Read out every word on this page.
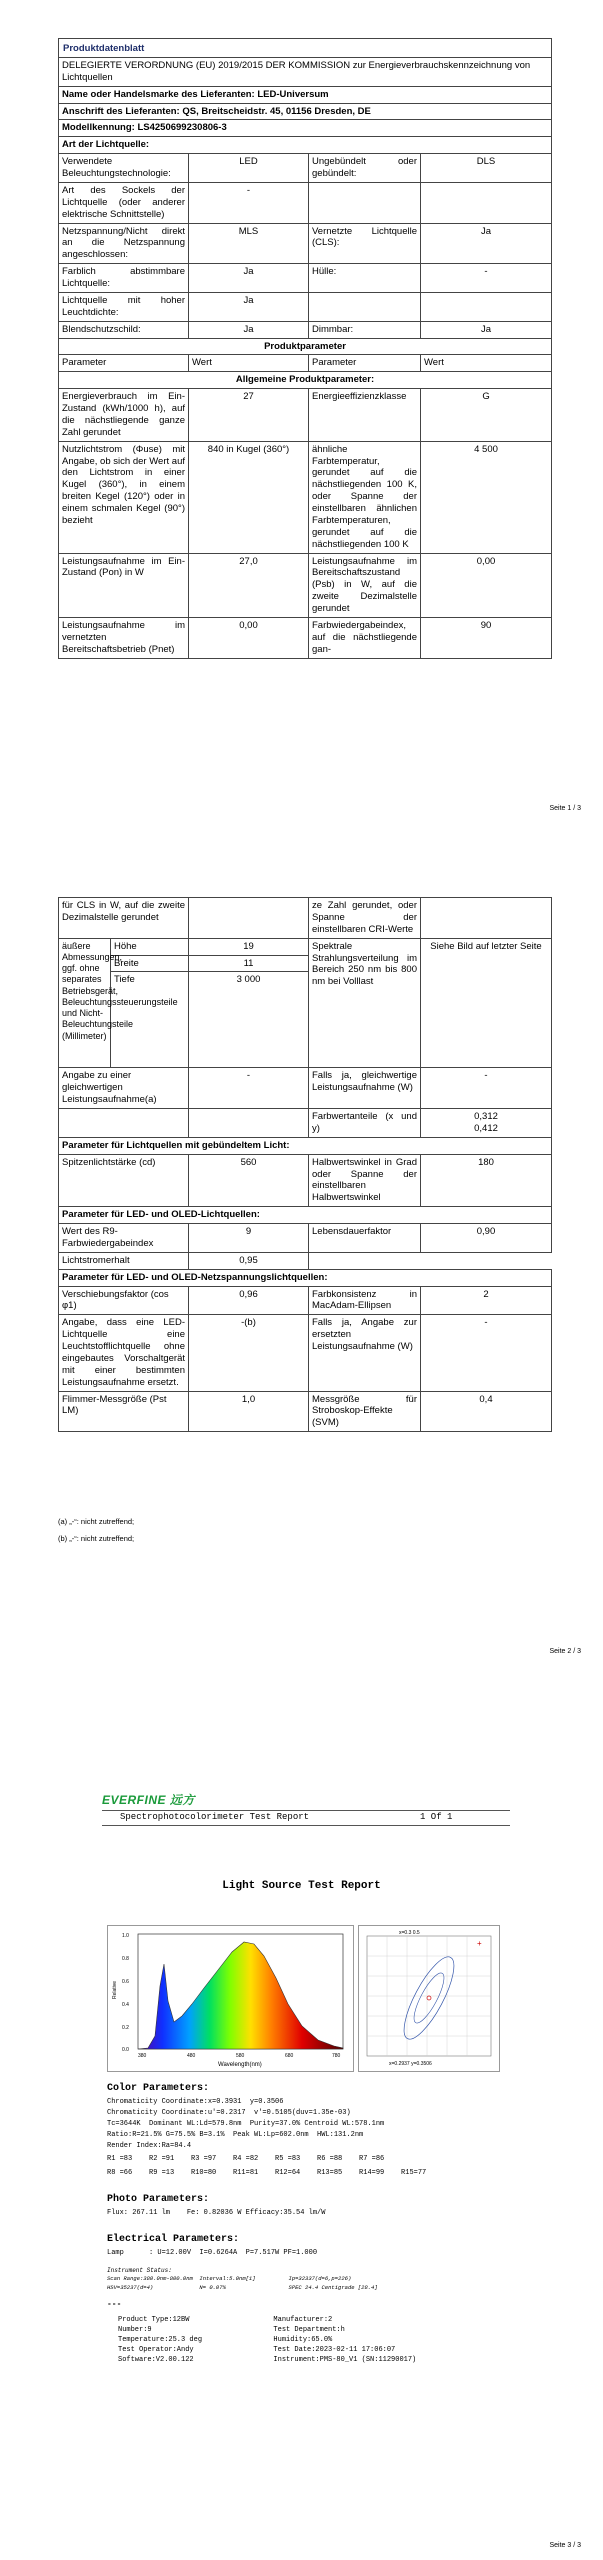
Produktdatenblatt			
DELEGIERTE VERORDNUNG (EU) 2019/2015 DER KOMMISSION zur Energieverbrauchskennzeichnung von Lichtquellen			
Name oder Handelsmarke des Lieferanten: LED-Universum			
Anschrift des Lieferanten: QS, Breitscheidstr. 45, 01156 Dresden, DE			
Modellkennung: LS4250699230806-3			
Art der Lichtquelle:			
Verwendete Beleuchtungstechnologie:	LED	Ungebündelt oder gebündelt:	DLS
Art des Sockels der Lichtquelle (oder anderer elektrische Schnittstelle)	-		
Netzspannung/Nicht direkt an die Netzspannung angeschlossen:	MLS	Vernetzte Lichtquelle (CLS):	Ja
Farblich abstimmbare Lichtquelle:	Ja	Hülle:	-
Lichtquelle mit hoher Leuchtdichte:	Ja		
Blendschutzschild:	Ja	Dimmbar:	Ja
Produktparameter			
Parameter	Wert	Parameter	Wert
Allgemeine Produktparameter:			
Energieverbrauch im Ein-Zustand (kWh/1000 h), auf die nächstliegende ganze Zahl gerundet	27	Energieeffizienzklasse	G
Nutzlichtstrom (Φuse) mit Angabe, ob sich der Wert auf den Lichtstrom in einer Kugel (360°), in einem breiten Kegel (120°) oder in einem schmalen Kegel (90°) bezieht	840 in Kugel (360°)	ähnliche Farbtemperatur, gerundet auf die nächstliegenden 100 K, oder Spanne der einstellbaren ähnlichen Farbtemperaturen, gerundet auf die nächstliegenden 100 K	4 500
Leistungsaufnahme im Ein-Zustand (Pon) in W	27,0	Leistungsaufnahme im Bereitschaftszustand (Psb) in W, auf die zweite Dezimalstelle gerundet	0,00
Leistungsaufnahme im vernetzten Bereitschaftsbetrieb (Pnet)	0,00	Farbwiedergabeindex, auf die nächstliegende gan-	90
Seite 1 / 3
für CLS in W, auf die zweite Dezimalstelle gerundet			ze Zahl gerundet, oder Spanne der einstellbaren CRI-Werte	
äußere Abmessungen, ggf. ohne separates Betriebsgerät, Beleuchtungssteuerungsteile und Nicht-Beleuchtungsteile (Millimeter)	Höhe	19	Spektrale Strahlungsverteilung im Bereich 250 nm bis 800 nm bei Volllast	Siehe Bild auf letzter Seite
	Breite	11		
	Tiefe	3 000		
Angabe zu einer gleichwertigen Leistungsaufnahme(a)		-	Falls ja, gleichwertige Leistungsaufnahme (W)	-
			Farbwertanteile (x und y)	0,312
0,412

Parameter für Lichtquellen mit gebündeltem Licht:				
Spitzenlichtstärke (cd)		560	Halbwertswinkel in Grad oder Spanne der einstellbaren Halbwertswinkel	180
Parameter für LED- und OLED-Lichtquellen:				
Wert des R9-Farbwiedergabeindex		9	Lebensdauerfaktor	0,90
Lichtstromerhalt		0,95		
Parameter für LED- und OLED-Netzspannungslichtquellen:				
Verschiebungsfaktor (cos φ1)		0,96	Farbkonsistenz in MacAdam-Ellipsen	2
Angabe, dass eine LED-Lichtquelle eine Leuchtstofflichtquelle ohne eingebautes Vorschaltgerät mit einer bestimmten Leistungsaufnahme ersetzt.		-(b)	Falls ja, Angabe zur ersetzten Leistungsaufnahme (W)	-
Flimmer-Messgröße (Pst LM)		1,0	Messgröße für Stroboskop-Effekte (SVM)	0,4
(a) „-“: nicht zutreffend;
(b) „-“: nicht zutreffend;
Seite 2 / 3
EVERFINE 远方
Spectrophotocolorimeter Test Report	1 Of 1
Light Source Test Report
Relative
Wavelength(nm)
1.0
0.8
0.6
0.4
0.2
0.0
380	480	580	680	780
+
x=0.3 0.5
x=0.2937 y=0.3506
Color Parameters:
Chromaticity Coordinate:x=0.3931  y=0.3506
Chromaticity Coordinate:u'=0.2317  v'=0.5105(duv=1.35e-03)
Tc=3644K  Dominant WL:Ld=579.8nm  Purity=37.0% Centroid WL:578.1nm
Ratio:R=21.5% G=75.5% B=3.1%  Peak WL:Lp=602.0nm  HWL:131.2nm
Render Index:Ra=84.4
R1 =83    R2 =91    R3 =97    R4 =82    R5 =83    R6 =88    R7 =86
R8 =66    R9 =13    R10=80    R11=81    R12=64    R13=85    R14=99    R15=77
Photo Parameters:
Flux: 267.11 lm    Fe: 0.82036 W Efficacy:35.54 lm/W
Electrical Parameters:
Lamp      : U=12.00V  I=0.6264A  P=7.517W PF=1.000
Instrument Status:
Scan Range:380.0nm-800.0nm  Interval:5.0nm[1]          Ip=32337(d=6,p=226)
HSV=35237(d=4)              N= 0.07%                   SPEC 24.4 Centigrade [28.4]
---
Product Type:12BW                    Manufacturer:2
Number:9                             Test Department:h
Temperature:25.3 deg                 Humidity:65.0%
Test Operator:Andy                   Test Date:2023-02-11 17:06:07
Software:V2.00.122                   Instrument:PMS-80_V1 (SN:11290017)
Seite 3 / 3
